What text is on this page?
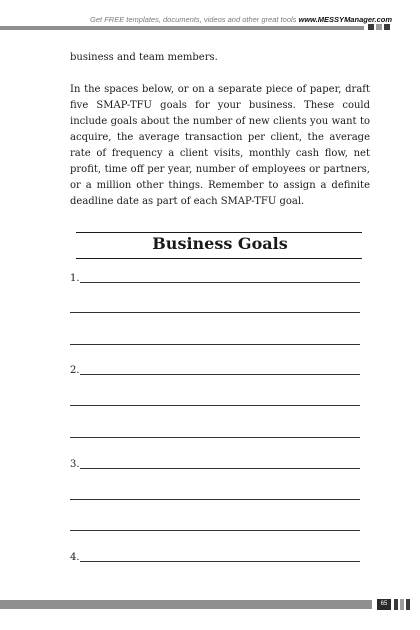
Get FREE templates, documents, videos and other great tools www.MESSYManager.com

business and team members.

In the spaces below, or on a separate piece of paper, draft five SMAP-TFU goals for your business. These could include goals about the number of new clients you want to acquire, the average transaction per client, the average rate of frequency a client visits, monthly cash flow, net profit, time off per year, number of employees or partners, or a million other things. Remember to assign a definite deadline date as part of each SMAP-TFU goal.

Business Goals
1.
2.
3.
4.
65
